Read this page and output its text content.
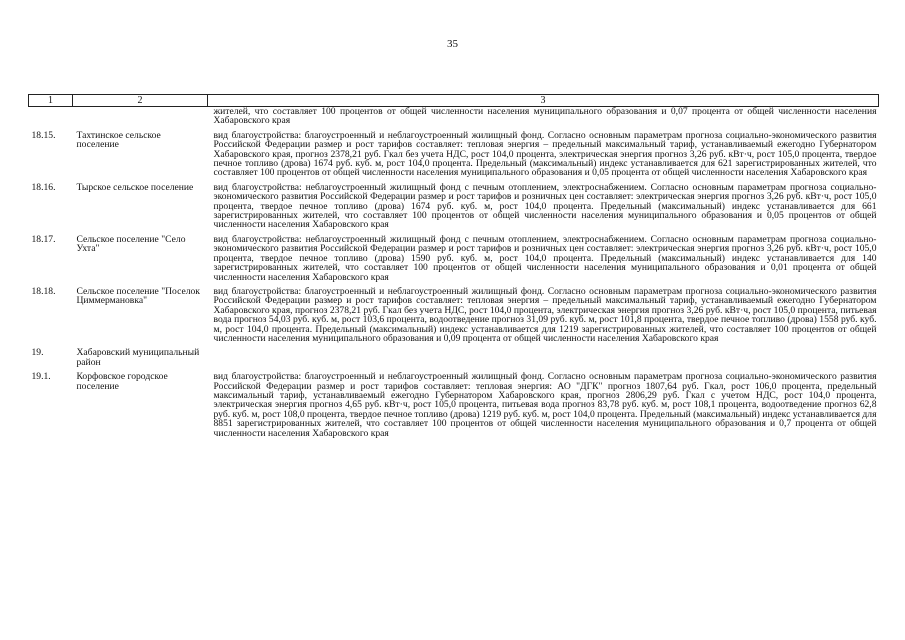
35
1	2	3
		жителей, что составляет 100 процентов от общей численности населения муниципального образования и 0,07 процента от общей численности населения Хабаровского края
18.15.	Тахтинское сельское поселение	вид благоустройства: благоустроенный и неблагоустроенный жилищный фонд. Согласно основным параметрам прогноза социально-экономического развития Российской Федерации размер и рост тарифов составляет: тепловая энергия – предельный максимальный тариф, устанавливаемый ежегодно Губернатором Хабаровского края, прогноз 2378,21 руб. Гкал без учета НДС, рост 104,0 процента, электрическая энергия прогноз 3,26 руб. кВт·ч, рост 105,0 процента, твердое печное топливо (дрова) 1674 руб. куб. м, рост 104,0 процента. Предельный (максимальный) индекс устанавливается для 621 зарегистрированных жителей, что составляет 100 процентов от общей численности населения муниципального образования и 0,05 процента от общей численности населения Хабаровского края
18.16.	Тырское сельское поселение	вид благоустройства: неблагоустроенный жилищный фонд с печным отоплением, электроснабжением. Согласно основным параметрам прогноза социально-экономического развития Российской Федерации размер и рост тарифов и розничных цен составляет: электрическая энергия прогноз 3,26 руб. кВт·ч, рост 105,0 процента, твердое печное топливо (дрова) 1674 руб. куб. м, рост 104,0 процента. Предельный (максимальный) индекс устанавливается для 661 зарегистрированных жителей, что составляет 100 процентов от общей численности населения муниципального образования и 0,05 процентов от общей численности населения Хабаровского края
18.17.	Сельское поселение "Село Ухта"	вид благоустройства: неблагоустроенный жилищный фонд с печным отоплением, электроснабжением. Согласно основным параметрам прогноза социально-экономического развития Российской Федерации размер и рост тарифов и розничных цен составляет: электрическая энергия прогноз 3,26 руб. кВт·ч, рост 105,0 процента, твердое печное топливо (дрова) 1590 руб. куб. м, рост 104,0 процента. Предельный (максимальный) индекс устанавливается для 140 зарегистрированных жителей, что составляет 100 процентов от общей численности населения муниципального образования и 0,01 процента от общей численности населения Хабаровского края
18.18.	Сельское поселение "Поселок Циммермановка"	вид благоустройства: благоустроенный и неблагоустроенный жилищный фонд. Согласно основным параметрам прогноза социально-экономического развития Российской Федерации размер и рост тарифов составляет: тепловая энергия – предельный максимальный тариф, устанавливаемый ежегодно Губернатором Хабаровского края, прогноз 2378,21 руб. Гкал без учета НДС, рост 104,0 процента, электрическая энергия прогноз 3,26 руб. кВт·ч, рост 105,0 процента, питьевая вода прогноз 54,03 руб. куб. м, рост 103,6 процента, водоотведение прогноз 31,09 руб. куб. м, рост 101,8 процента, твердое печное топливо (дрова) 1558 руб. куб. м, рост 104,0 процента. Предельный (максимальный) индекс устанавливается для 1219 зарегистрированных жителей, что составляет 100 процентов от общей численности населения муниципального образования и 0,09 процента от общей численности населения Хабаровского края
19.	Хабаровский муниципальный район	
19.1.	Корфовское городское поселение	вид благоустройства: благоустроенный и неблагоустроенный жилищный фонд. Согласно основным параметрам прогноза социально-экономического развития Российской Федерации размер и рост тарифов составляет: тепловая энергия: АО "ДГК" прогноз 1807,64 руб. Гкал, рост 106,0 процента, предельный максимальный тариф, устанавливаемый ежегодно Губернатором Хабаровского края, прогноз 2806,29 руб. Гкал с учетом НДС, рост 104,0 процента, электрическая энергия прогноз 4,65 руб. кВт·ч, рост 105,0 процента, питьевая вода прогноз 83,78 руб. куб. м, рост 108,1 процента, водоотведение прогноз 62,8 руб. куб. м, рост 108,0 процента, твердое печное топливо (дрова) 1219 руб. куб. м, рост 104,0 процента. Предельный (максимальный) индекс устанавливается для 8851 зарегистрированных жителей, что составляет 100 процентов от общей численности населения муниципального образования и 0,7 процента от общей численности населения Хабаровского края
